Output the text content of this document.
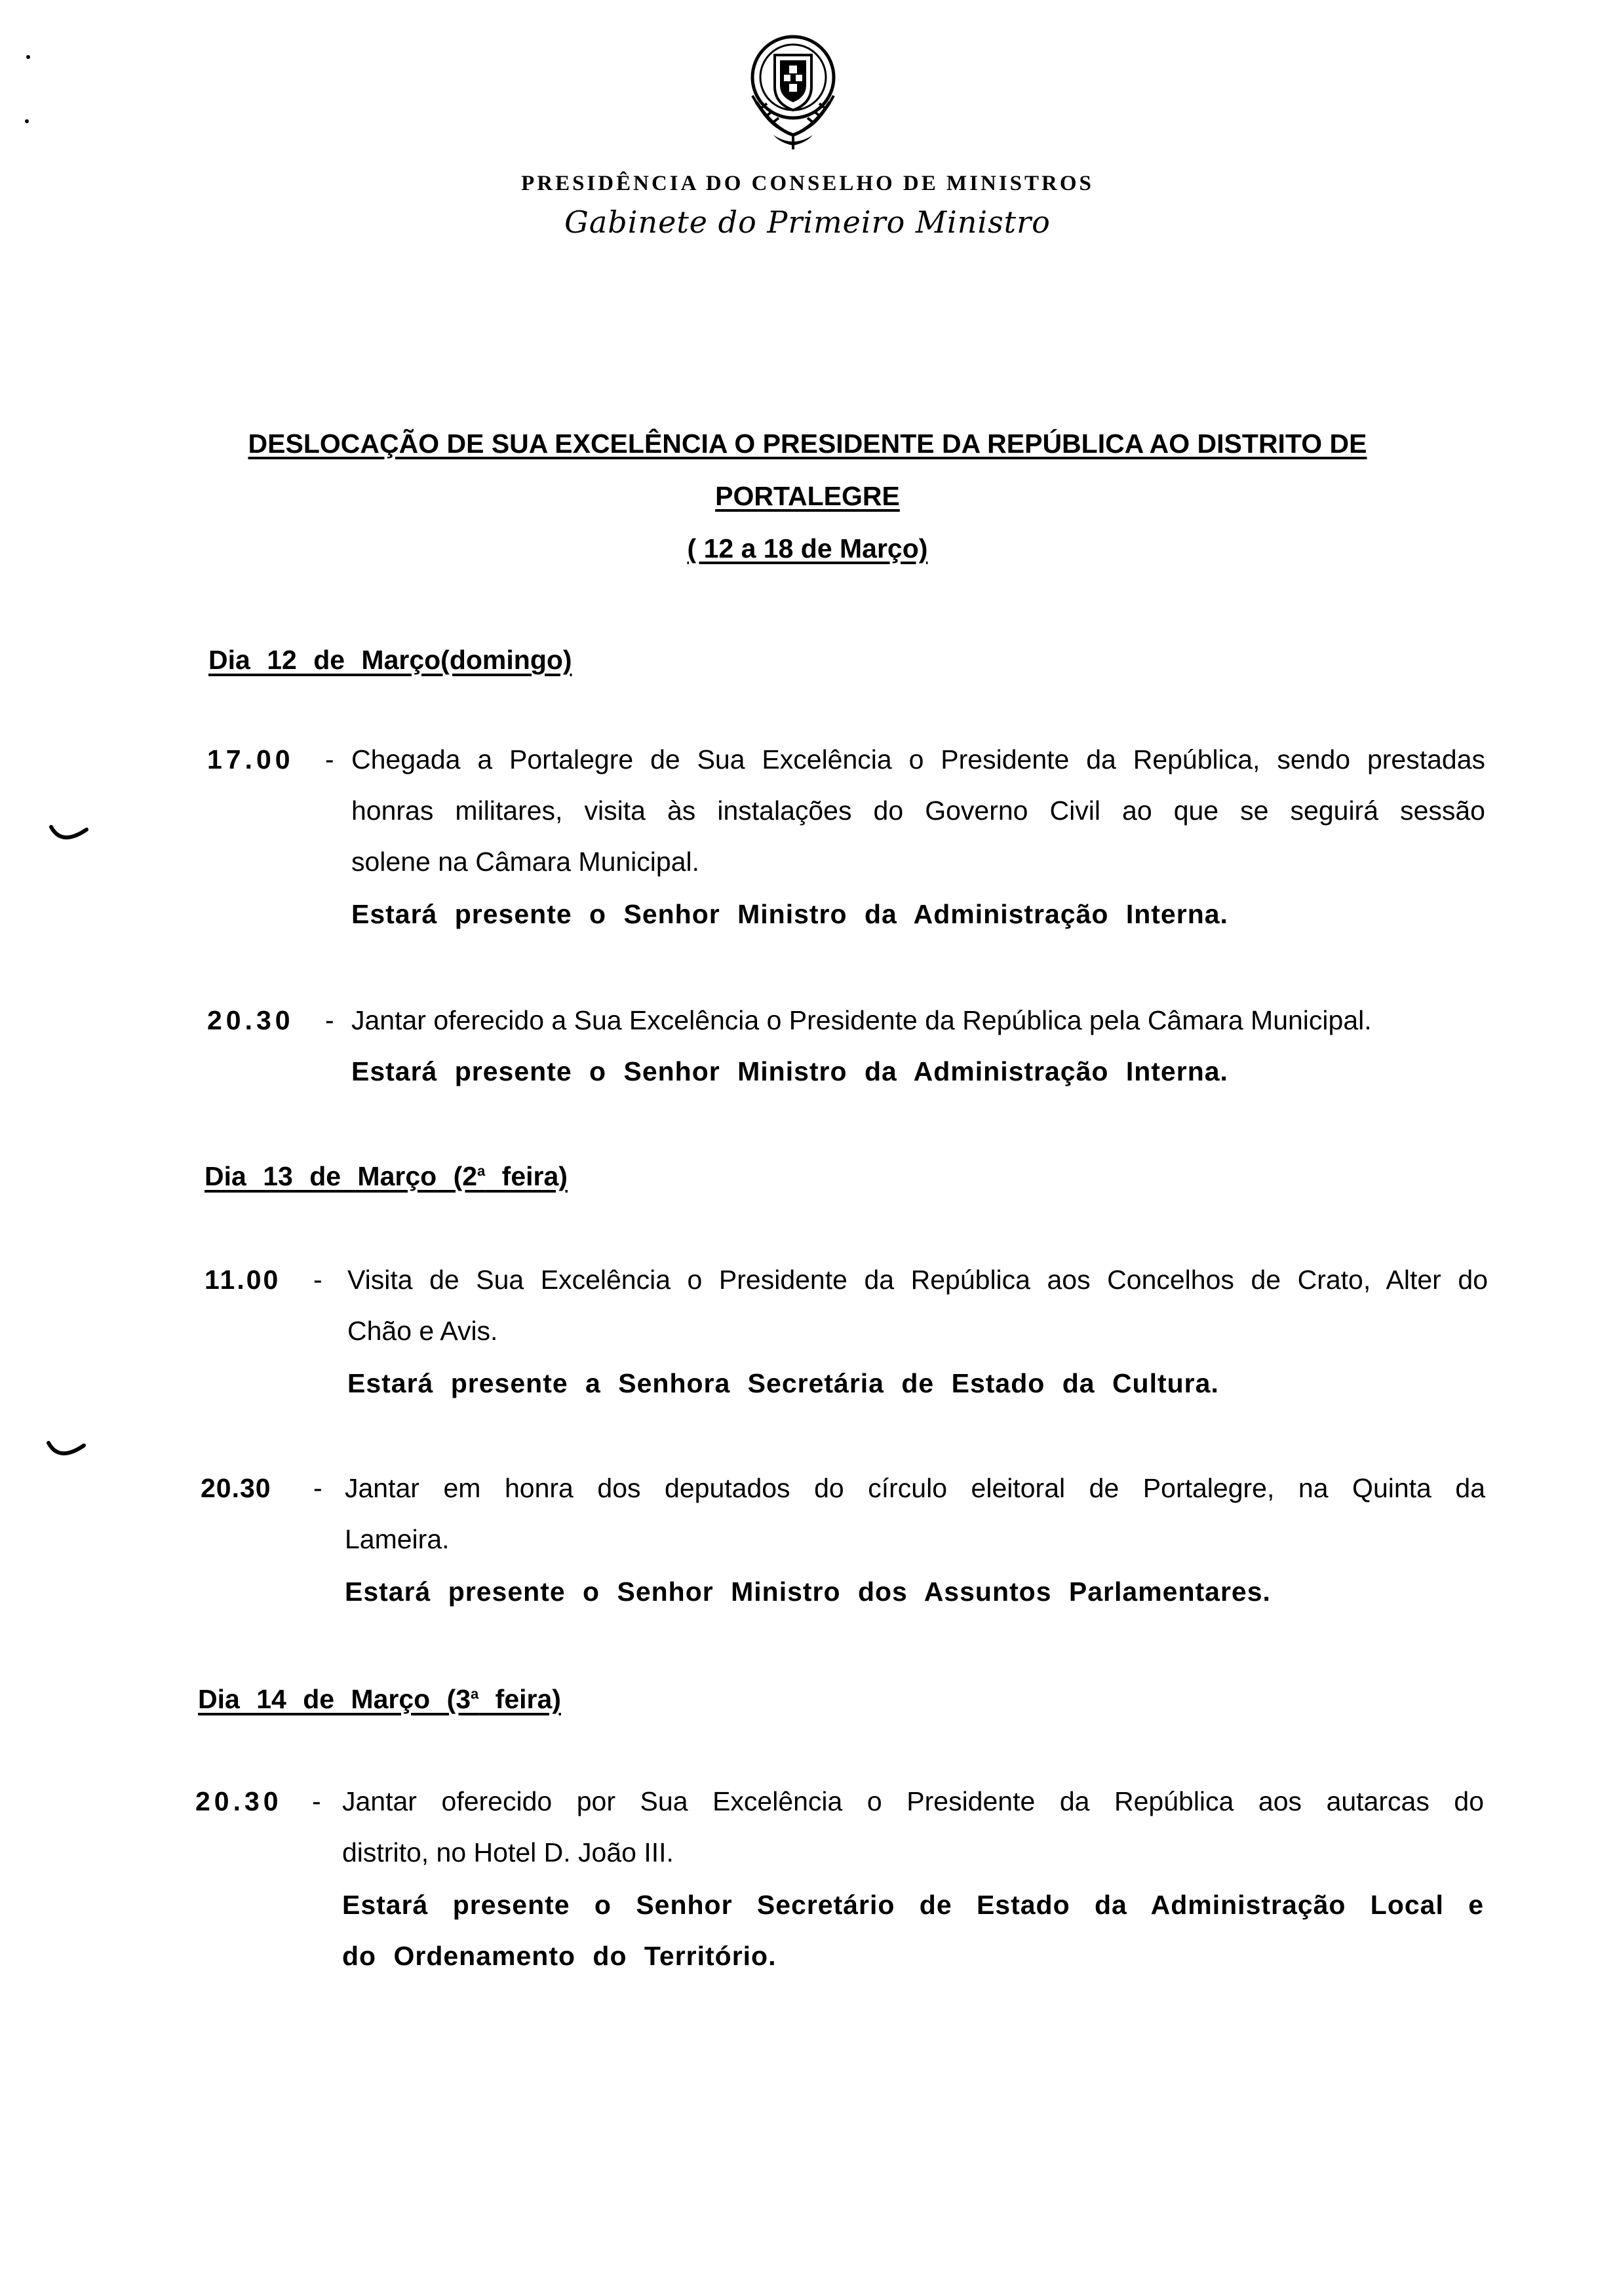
PRESIDÊNCIA DO CONSELHO DE MINISTROS
Gabinete do Primeiro Ministro
DESLOCAÇÃO DE SUA EXCELÊNCIA O PRESIDENTE DA REPÚBLICA AO DISTRITO DE
PORTALEGRE
( 12 a 18 de Março)
Dia 12 de Março(domingo)
17.00 - Chegada a Portalegre de Sua Excelência o Presidente da República, sendo prestadas
honras militares, visita às instalações do Governo Civil ao que se seguirá sessão
solene na Câmara Municipal.
Estará presente o Senhor Ministro da Administração Interna.
20.30 - Jantar oferecido a Sua Excelência o Presidente da República pela Câmara Municipal.
Estará presente o Senhor Ministro da Administração Interna.
Dia 13 de Março (2$^a$ feira)
11.00 - Visita de Sua Excelência o Presidente da República aos Concelhos de Crato, Alter do
Chão e Avis.
Estará presente a Senhora Secretária de Estado da Cultura.
20.30 - Jantar em honra dos deputados do círculo eleitoral de Portalegre, na Quinta da
Lameira.
Estará presente o Senhor Ministro dos Assuntos Parlamentares.
Dia 14 de Março (3$^a$ feira)
20.30 - Jantar oferecido por Sua Excelência o Presidente da República aos autarcas do
distrito, no Hotel D. João III.
Estará presente o Senhor Secretário de Estado da Administração Local e
do Ordenamento do Território.
